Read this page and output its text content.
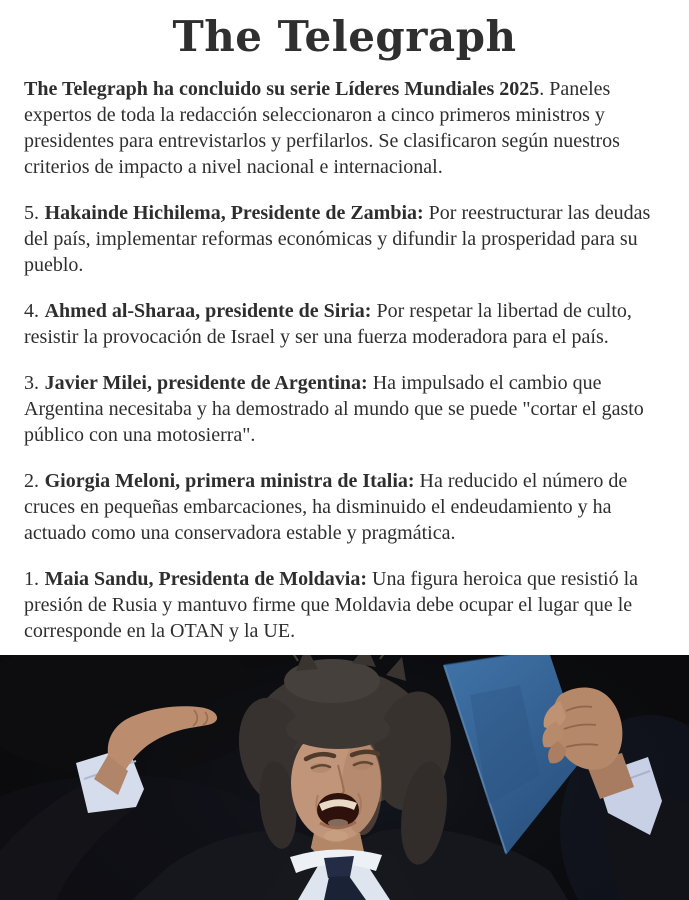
The Telegraph

The Telegraph ha concluido su serie Líderes Mundiales 2025. Paneles expertos de toda la redacción seleccionaron a cinco primeros ministros y presidentes para entrevistarlos y perfilarlos. Se clasificaron según nuestros criterios de impacto a nivel nacional e internacional.

5. Hakainde Hichilema, Presidente de Zambia: Por reestructurar las deudas del país, implementar reformas económicas y difundir la prosperidad para su pueblo.

4. Ahmed al-Sharaa, presidente de Siria: Por respetar la libertad de culto, resistir la provocación de Israel y ser una fuerza moderadora para el país.

3. Javier Milei, presidente de Argentina: Ha impulsado el cambio que Argentina necesitaba y ha demostrado al mundo que se puede "cortar el gasto público con una motosierra".

2. Giorgia Meloni, primera ministra de Italia: Ha reducido el número de cruces en pequeñas embarcaciones, ha disminuido el endeudamiento y ha actuado como una conservadora estable y pragmática.

1. Maia Sandu, Presidenta de Moldavia: Una figura heroica que resistió la presión de Rusia y mantuvo firme que Moldavia debe ocupar el lugar que le corresponde en la OTAN y la UE.
